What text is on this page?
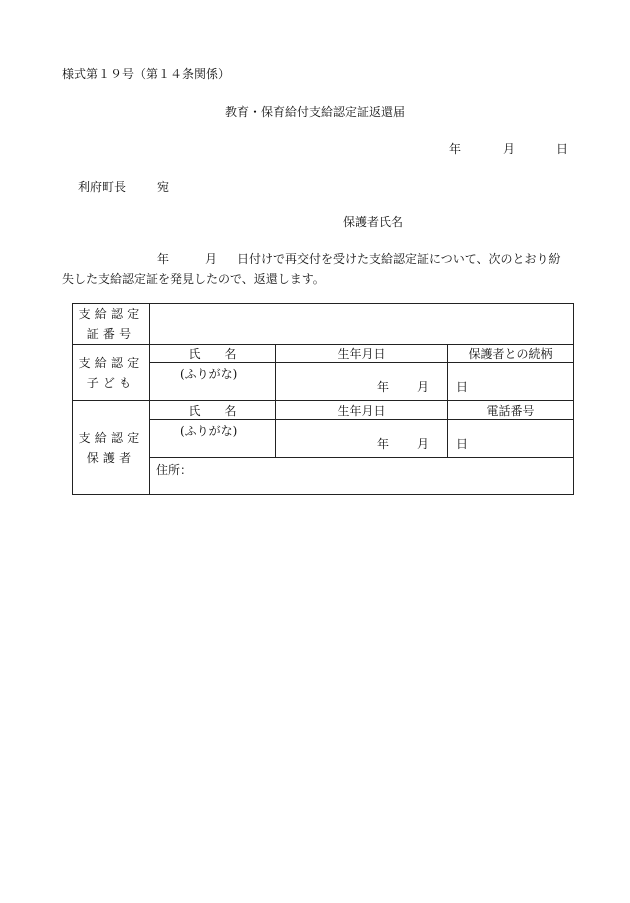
様式第１９号（第１４条関係）
教育・保育給付支給認定証返還届
年	月	日
利府町長	宛
保護者氏名
年	月 日付けで再交付を受けた支給認定証について、次のとおり紛失した支給認定証を発見したので、返還します。
支給認定
証番号			

支給認定
子ども	氏　　名	生年月日	保護者との続柄
	(ふりがな)	年 月 日	

支給認定
保護者	氏　　名	生年月日	電話番号
	(ふりがな)	年 月 日	

	住所：		
